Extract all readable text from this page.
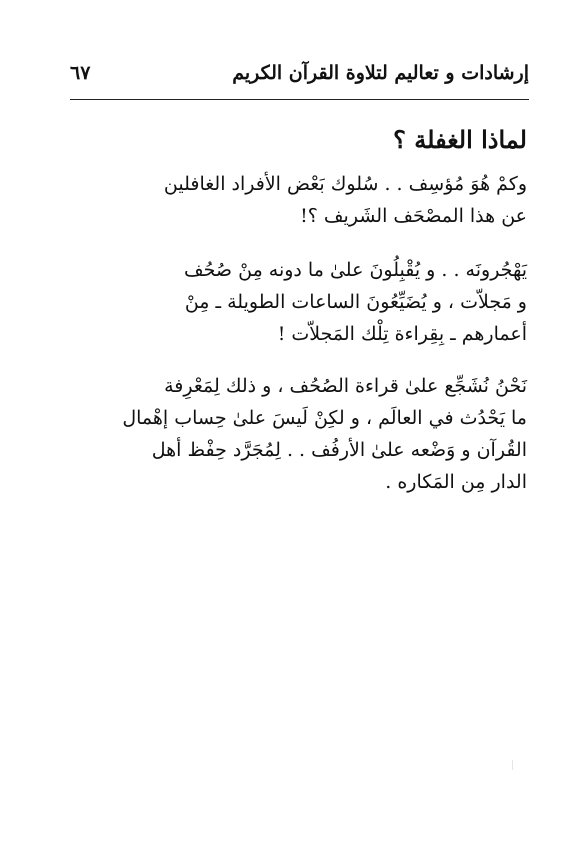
إرشادات و تعاليم لتلاوة القرآن الكريم
٦٧
لماذا الغفلة ؟
وكمْ هُوَ مُؤسِف . . سُلوك بَعْض الأفراد الغافلين
عن هذا المصْحَف الشَريف ؟!
يَهْجُرونَه . . و يُقْبِلُونَ علىٰ ما دونه مِنْ صُحُف
و مَجلاّت ، و يُضَيِّعُونَ الساعات الطويلة ـ مِنْ
أعمارهم ـ بِقِراءة تِلْك المَجلاّت !
نَحْنُ نُشَجِّع علىٰ قراءة الصُحُف ، و ذلك لِمَعْرِفة
ما يَحْدُث في العالَم ، و لكِنْ لَيسَ علىٰ حِساب إهْمال
القُرآن و وَضْعه علىٰ الأرفُف . . لِمُجَرَّد حِفْظ أهل
الدار مِن المَكاره .
